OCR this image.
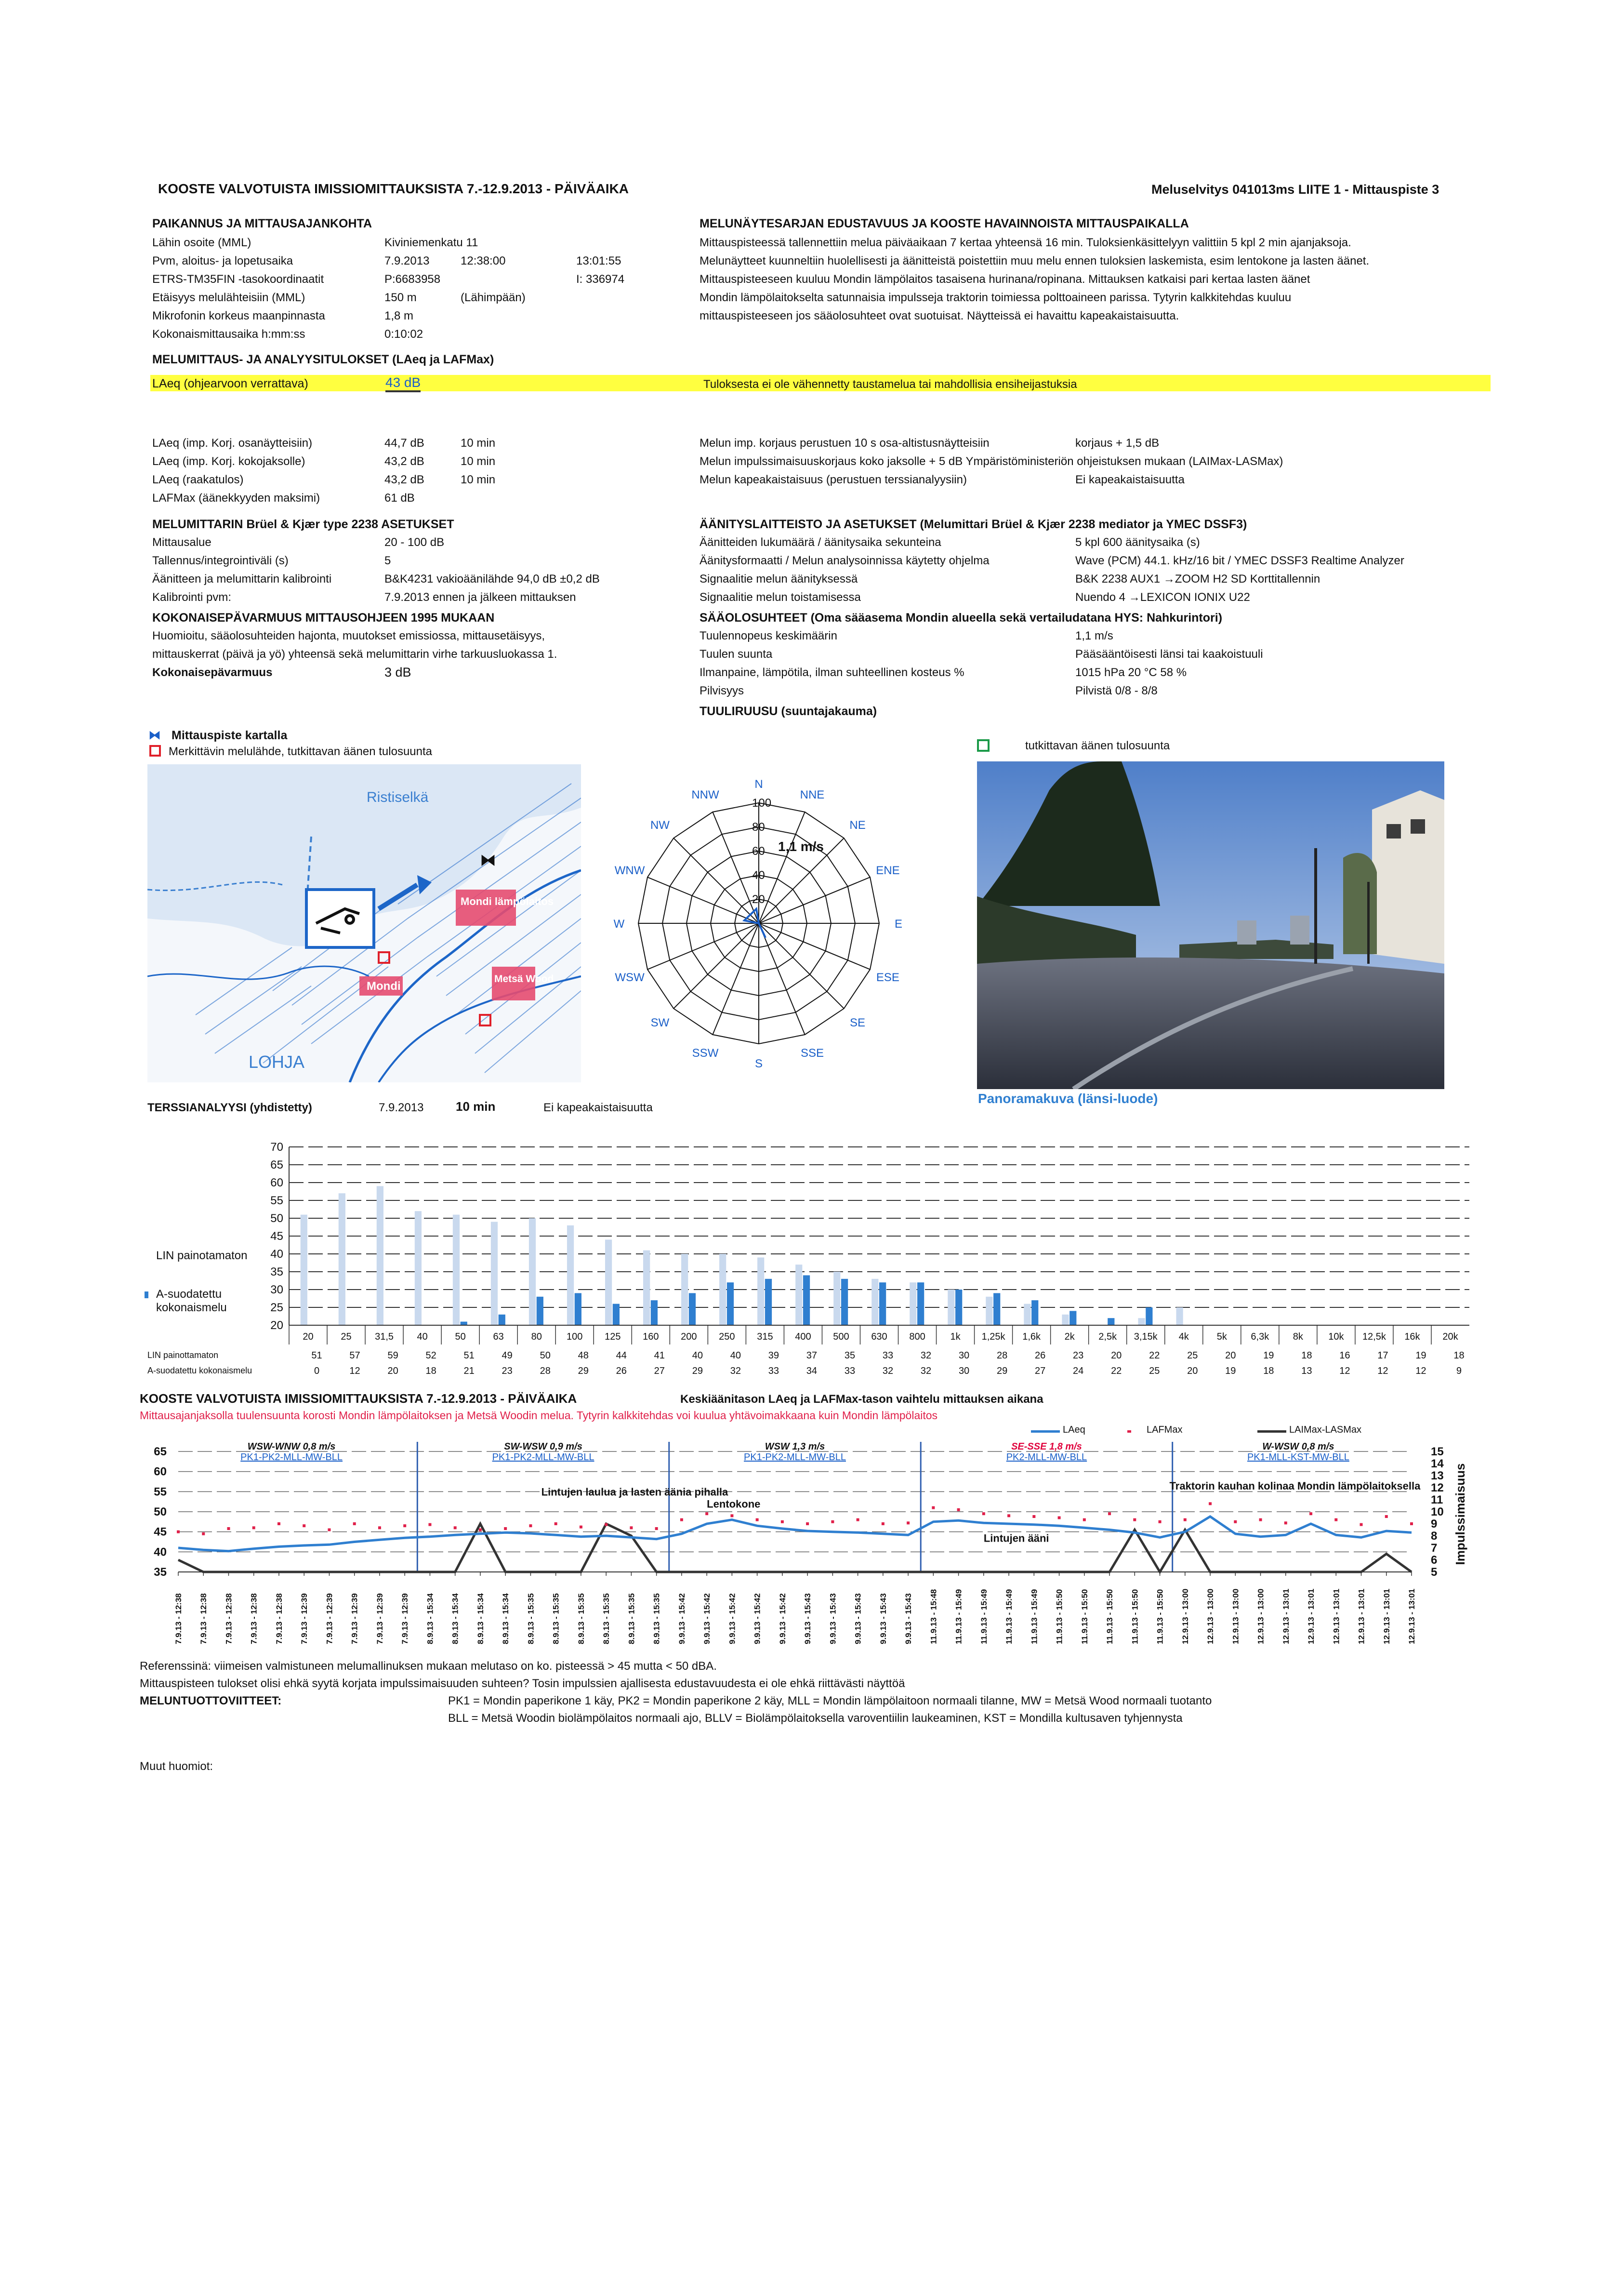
KOOSTE VALVOTUISTA IMISSIOMITTAUKSISTA 7.-12.9.2013 - PÄIVÄAIKA	Meluselvitys 041013ms LIITE 1 - Mittauspiste 3
PAIKANNUS JA MITTAUSAJANKOHTA
Lähin osoite (MML)	Kiviniemenkatu 11
Pvm, aloitus- ja lopetusaika	7.9.2013	12:38:00	13:01:55
ETRS-TM35FIN -tasokoordinaatit	P:6683958	I: 336974
Etäisyys melulähteisiin (MML)	150 m	(Lähimpään)
Mikrofonin korkeus maanpinnasta	1,8 m
Kokonaismittausaika h:mm:ss	0:10:02
MELUMITTAUS- JA ANALYYSITULOKSET (LAeq ja LAFMax)
LAeq (ohjearvoon verrattava)	43 dB	Tuloksesta ei ole vähennetty taustamelua tai mahdollisia ensiheijastuksia
MELUNÄYTESARJAN EDUSTAVUUS JA KOOSTE HAVAINNOISTA MITTAUSPAIKALLA
Mittauspisteessä tallennettiin melua päiväaikaan 7 kertaa yhteensä 16 min. Tuloksienkäsittelyyn valittiin 5 kpl 2 min ajanjaksoja.
Melunäytteet kuunneltiin huolellisesti ja äänitteistä poistettiin muu melu ennen tuloksien laskemista, esim lentokone ja lasten äänet.
Mittauspisteeseen kuuluu Mondin lämpölaitos tasaisena hurinana/ropinana. Mittauksen katkaisi pari kertaa lasten äänet
Mondin lämpölaitokselta satunnaisia impulsseja traktorin toimiessa polttoaineen parissa. Tytyrin kalkkitehdas kuuluu
mittauspisteeseen jos sääolosuhteet ovat suotuisat. Näytteissä ei havaittu kapeakaistaisuutta.
LAeq (imp. Korj. osanäytteisiin)	44,7 dB	10 min
LAeq (imp. Korj. kokojaksolle)	43,2 dB	10 min
LAeq (raakatulos)	43,2 dB	10 min
LAFMax (äänekkyyden maksimi)	61 dB
MELUMITTARIN Brüel & Kjær type 2238 ASETUKSET
Mittausalue	20 - 100 dB
Tallennus/integrointiväli (s)	5
Äänitteen ja melumittarin kalibrointi	B&K4231 vakioäänilähde 94,0 dB ±0,2 dB
Kalibrointi pvm:	7.9.2013 ennen ja jälkeen mittauksen
KOKONAISEPÄVARMUUS MITTAUSOHJEEN 1995 MUKAAN
Huomioitu, sääolosuhteiden hajonta, muutokset emissiossa, mittausetäisyys,
mittauskerrat (päivä ja yö) yhteensä sekä melumittarin virhe tarkuusluokassa 1.
Kokonaisepävarmuus	3 dB
Melun imp. korjaus perustuen 10 s osa-altistusnäytteisiin	korjaus + 1,5 dB
Melun impulssimaisuuskorjaus koko jaksolle + 5 dB Ympäristöministeriön ohjeistuksen mukaan (LAIMax-LASMax)
Melun kapeakaistaisuus (perustuen terssianalyysiin)	Ei kapeakaistaisuutta
ÄÄNITYSLAITTEISTO JA ASETUKSET (Melumittari Brüel & Kjær 2238 mediator ja YMEC DSSF3)
Äänitteiden lukumäärä / äänitysaika sekunteina	5 kpl 600 äänitysaika (s)
Äänitysformaatti / Melun analysoinnissa käytetty ohjelma	Wave (PCM) 44.1. kHz/16 bit / YMEC DSSF3 Realtime Analyzer
Signaalitie melun äänityksessä	B&K 2238 AUX1 →ZOOM H2 SD Korttitallennin
Signaalitie melun toistamisessa	Nuendo 4 →LEXICON IONIX U22
SÄÄOLOSUHTEET (Oma sääasema Mondin alueella sekä vertailudatana HYS: Nahkurintori)
Tuulennopeus keskimäärin	1,1 m/s
Tuulen suunta	Pääsääntöisesti länsi tai kaakoistuuli
Ilmanpaine, lämpötila, ilman suhteellinen kosteus %	1015 hPa 20 °C 58 %
Pilvisyys	Pilvistä 0/8 - 8/8
TUULIRUUSU (suuntajakauma)
⧓ Mittauspiste kartalla
Merkittävin melulähde, tutkittavan äänen tulosuunta
Ristiselkä
Mondi lämpölaitos
Mondi
Metsä Wood
⧓
LOHJA
N
NNE
NE
ENE
E
ESE
SE
SSE
S
SSW
SW
WSW
W
WNW
NW
NNW
100
80
60
40
20
1,1 m/s
tutkittavan äänen tulosuunta
Panoramakuva (länsi-luode)
TERSSIANALYYSI (yhdistetty)	7.9.2013	10 min	Ei kapeakaistaisuutta
LIN painotamaton
A-suodatettu kokonaismelu
20
25
30
35
40
45
50
55
60
65
70
20	25 31,5 40	50	63	80	100 125 160 200 250 315 400 500 630 800	1k 1,25k 1,6k 2k 2,5k 3,15k 4k	5k 6,3k 8k	10k 12,5k 16k 20k
LIN painottamaton
A-suodatettu kokonaismelu
51	57	59	52	51	49	50	48	44	41	40	40	39	37	35	33	32	30	28	26	23	20	22	25	20	19	18	16	17	19	18
0	12	20	18	21	23	28	29	26	27	29	32	33	34	33	32	32	30	29	27	24	22	25	20	19	18	13	12	12	12	9
KOOSTE VALVOTUISTA IMISSIOMITTAUKSISTA 7.-12.9.2013 - PÄIVÄAIKA	Keskiäänitason LAeq ja LAFMax-tason vaihtelu mittauksen aikana
Mittausajanjaksolla tuulensuunta korosti Mondin lämpölaitoksen ja Metsä Woodin melua. Tytyrin kalkkitehdas voi kuulua yhtävoimakkaana kuin Mondin lämpölaitos
LAeq	LAFMax	LAIMax-LASMax
35
40
45
50
55
60
65
5
6
7
8
9
10
11
12
13
14
15
Impulssimaisuus
WSW-WNW 0,8 m/s
PK1-PK2-MLL-MW-BLL
SW-WSW 0,9 m/s
PK1-PK2-MLL-MW-BLL
WSW 1,3 m/s
PK1-PK2-MLL-MW-BLL
SE-SSE 1,8 m/s
PK2-MLL-MW-BLL
W-WSW 0,8 m/s
PK1-MLL-KST-MW-BLL
Lintujen laulua ja lasten äänia pihalla
Lentokone
Lintujen ääni
Traktorin kauhan kolinaa Mondin lämpölaitoksella
7.9.13 - 12:38 7.9.13 - 12:38 7.9.13 - 12:38 7.9.13 - 12:38 7.9.13 - 12:38 7.9.13 - 12:39 7.9.13 - 12:39 7.9.13 - 12:39 7.9.13 - 12:39 7.9.13 - 12:39 8.9.13 - 15:34 8.9.13 - 15:34 8.9.13 - 15:34 8.9.13 - 15:34 8.9.13 - 15:35 8.9.13 - 15:35 8.9.13 - 15:35 8.9.13 - 15:35 8.9.13 - 15:35 8.9.13 - 15:35 9.9.13 - 15:42 9.9.13 - 15:42 9.9.13 - 15:42 9.9.13 - 15:42 9.9.13 - 15:42 9.9.13 - 15:43 9.9.13 - 15:43 9.9.13 - 15:43 9.9.13 - 15:43 9.9.13 - 15:43 11.9.13 - 15:48 11.9.13 - 15:49 11.9.13 - 15:49 11.9.13 - 15:49 11.9.13 - 15:49 11.9.13 - 15:50 11.9.13 - 15:50 11.9.13 - 15:50 11.9.13 - 15:50 11.9.13 - 15:50 12.9.13 - 13:00 12.9.13 - 13:00 12.9.13 - 13:00 12.9.13 - 13:00 12.9.13 - 13:01 12.9.13 - 13:01 12.9.13 - 13:01 12.9.13 - 13:01 12.9.13 - 13:01 12.9.13 - 13:01
Referenssinä: viimeisen valmistuneen melumallinuksen mukaan melutaso on ko. pisteessä > 45 mutta < 50 dBA.
Mittauspisteen tulokset olisi ehkä syytä korjata impulssimaisuuden suhteen? Tosin impulssien ajallisesta edustavuudesta ei ole ehkä riittävästi näyttöä
MELUNTUOTTOVIITTEET:	PK1 = Mondin paperikone 1 käy, PK2 = Mondin paperikone 2 käy, MLL = Mondin lämpölaitoon normaali tilanne, MW = Metsä Wood normaali tuotanto
BLL = Metsä Woodin biolämpölaitos normaali ajo, BLLV = Biolämpölaitoksella varoventiilin laukeaminen, KST = Mondilla kultusaven tyhjennysta
Muut huomiot:
